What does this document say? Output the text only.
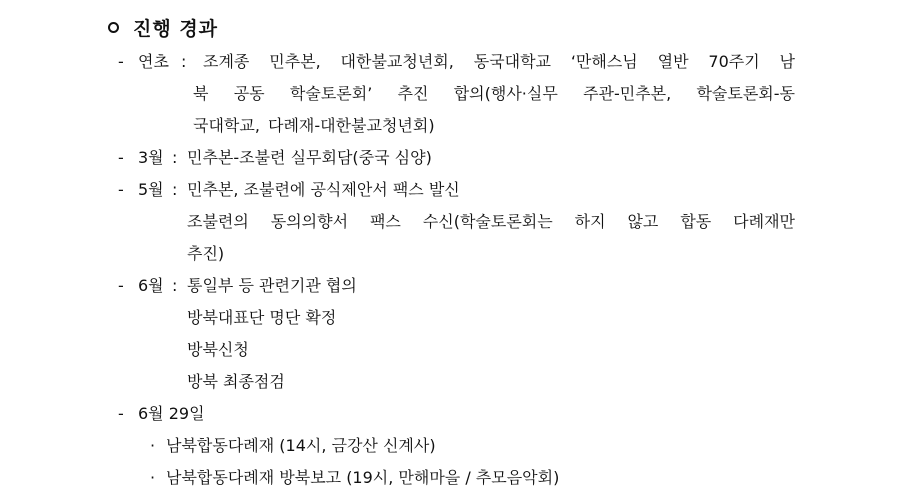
진행 경과
- 연초 : 조계종 민추본, 대한불교청년회, 동국대학교 ‘만해스님 열반 70주기 남
북 공동 학술토론회’ 추진 합의(행사·실무 주관-민추본, 학술토론회-동
국대학교, 다례재-대한불교청년회)
- 3월 : 민추본-조불련 실무회담(중국 심양)
- 5월 : 민추본, 조불련에 공식제안서 팩스 발신
조불련의 동의의향서 팩스 수신(학술토론회는 하지 않고 합동 다례재만
추진)
- 6월 : 통일부 등 관련기관 협의
방북대표단 명단 확정
방북신청
방북 최종점검
- 6월 29일
· 남북합동다례재 (14시, 금강산 신계사)
· 남북합동다례재 방북보고 (19시, 만해마을 / 추모음악회)
